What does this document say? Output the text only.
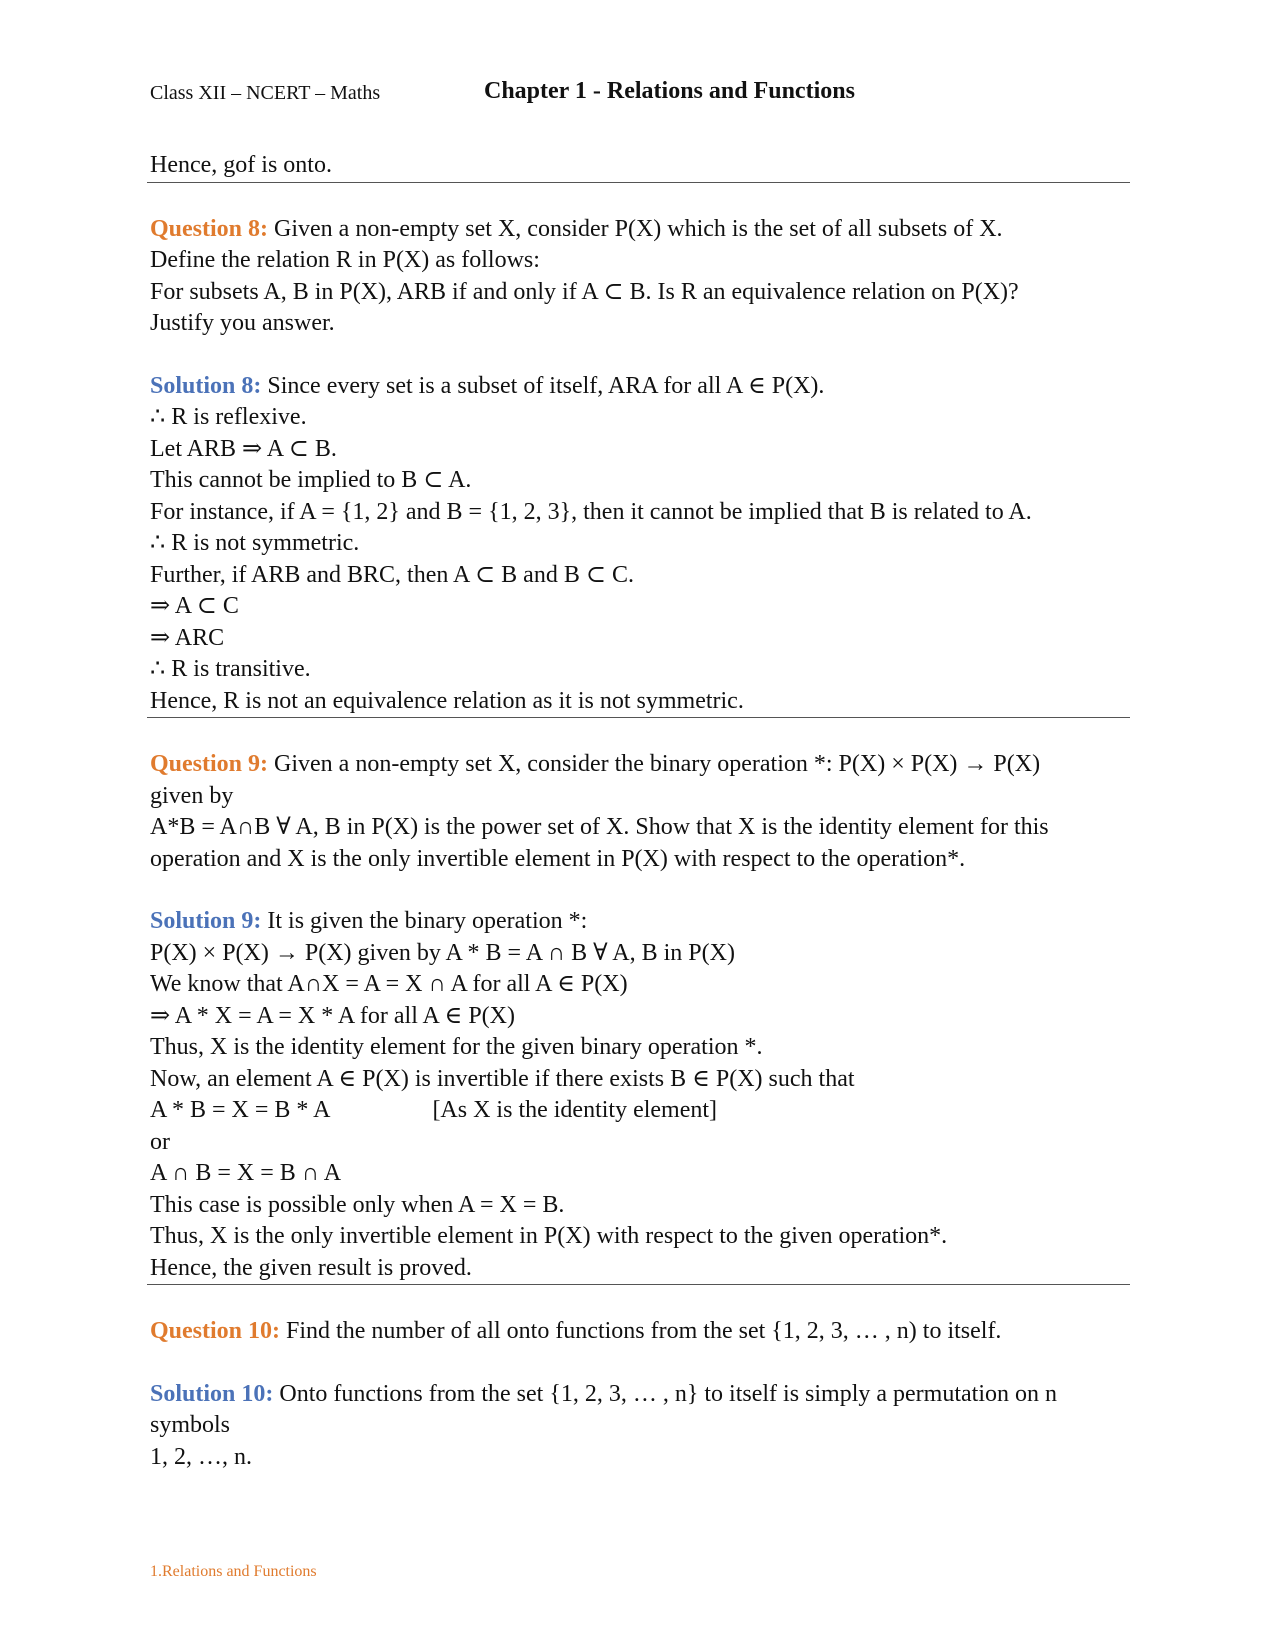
Class XII – NCERT – Maths	Chapter 1 - Relations and Functions
Hence, gof is onto.
Question 8: Given a non-empty set X, consider P(X) which is the set of all subsets of X.
Define the relation R in P(X) as follows:
For subsets A, B in P(X), ARB if and only if A ⊂ B. Is R an equivalence relation on P(X)?
Justify you answer.
Solution 8: Since every set is a subset of itself, ARA for all A ∈ P(X).
∴ R is reflexive.
Let ARB ⇒ A ⊂ B.
This cannot be implied to B ⊂ A.
For instance, if A = {1, 2} and B = {1, 2, 3}, then it cannot be implied that B is related to A.
∴ R is not symmetric.
Further, if ARB and BRC, then A ⊂ B and B ⊂ C.
⇒ A ⊂ C
⇒ ARC
∴ R is transitive.
Hence, R is not an equivalence relation as it is not symmetric.
Question 9: Given a non-empty set X, consider the binary operation *: P(X) × P(X) → P(X)
given by
A*B = A∩B ∀ A, B in P(X) is the power set of X. Show that X is the identity element for this
operation and X is the only invertible element in P(X) with respect to the operation*.
Solution 9: It is given the binary operation *:
P(X) × P(X) → P(X) given by A * B = A ∩ B ∀ A, B in P(X)
We know that A∩X = A = X ∩ A for all A ∈ P(X)
⇒ A * X = A = X * A for all A ∈ P(X)
Thus, X is the identity element for the given binary operation *.
Now, an element A ∈ P(X) is invertible if there exists B ∈ P(X) such that
A * B = X = B * A	[As X is the identity element]
or
A ∩ B = X = B ∩ A
This case is possible only when A = X = B.
Thus, X is the only invertible element in P(X) with respect to the given operation*.
Hence, the given result is proved.
Question 10: Find the number of all onto functions from the set {1, 2, 3, … , n) to itself.
Solution 10: Onto functions from the set {1, 2, 3, … , n} to itself is simply a permutation on n
symbols
1, 2, …, n.
1.Relations and Functions
